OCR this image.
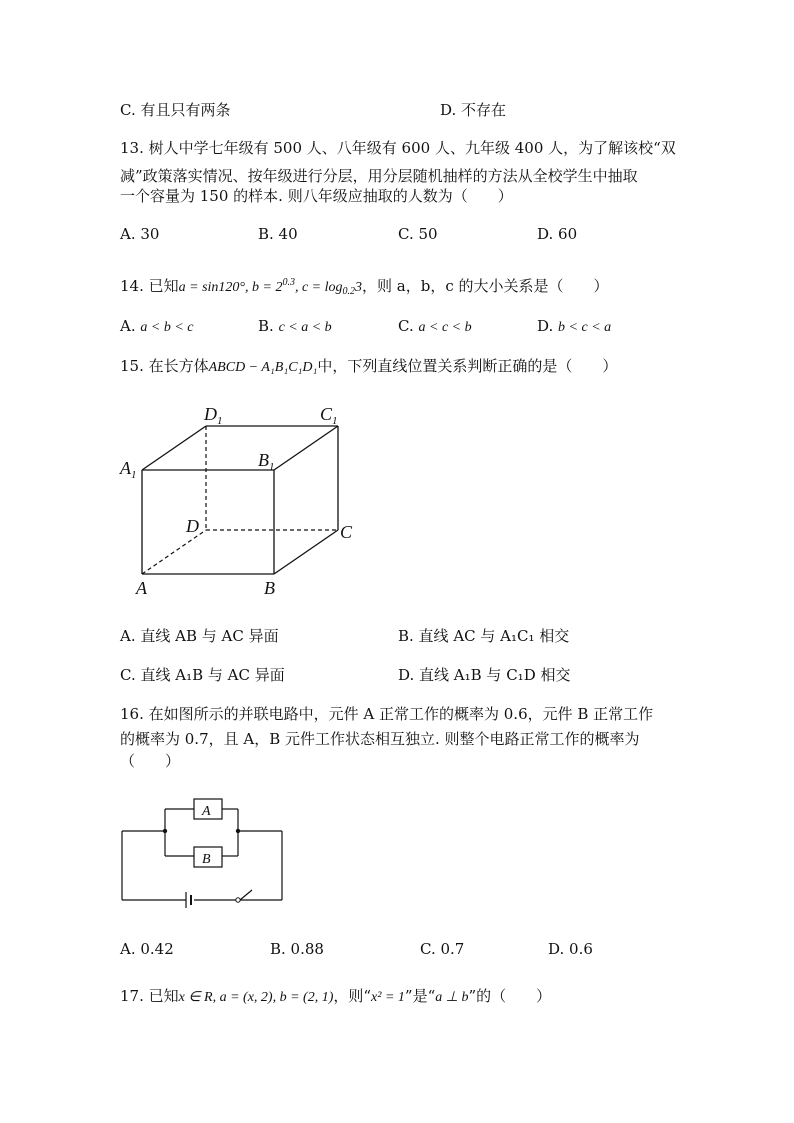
C. 有且只有两条	D. 不存在
13. 树人中学七年级有 500 人、八年级有 600 人、九年级 400 人，为了解该校“双
减”政策落实情况、按年级进行分层，用分层随机抽样的方法从全校学生中抽取
一个容量为 150 的样本. 则八年级应抽取的人数为（　　）
A. 30	B. 40	C. 50	D. 60
14. 已知a = sin120°, $b = 2^{0.3}$, $c = \log_{0.2}3$，则 a，b，c 的大小关系是（　　）
A. a < b < c	B. c < a < b	C. a < c < b	D. b < c < a
15. 在长方体ABCD − A₁B₁C₁D₁中，下列直线位置关系判断正确的是（　　）
$D_1$	$C_1$
$A_1$
$B_1$
D	C
A	B
A. 直线 AB 与 AC 异面	B. 直线 AC 与 A₁C₁ 相交
C. 直线 A₁B 与 AC 异面	D. 直线 A₁B 与 C₁D 相交
16. 在如图所示的并联电路中，元件 A 正常工作的概率为 0.6，元件 B 正常工作
的概率为 0.7，且 A，B 元件工作状态相互独立. 则整个电路正常工作的概率为
（　　）
A
B
A. 0.42	B. 0.88	C. 0.7	D. 0.6
17. 已知x ∈ R, a = (x, 2), b = (2, 1)，则“x² = 1”是“a ⊥ b”的（　　）
